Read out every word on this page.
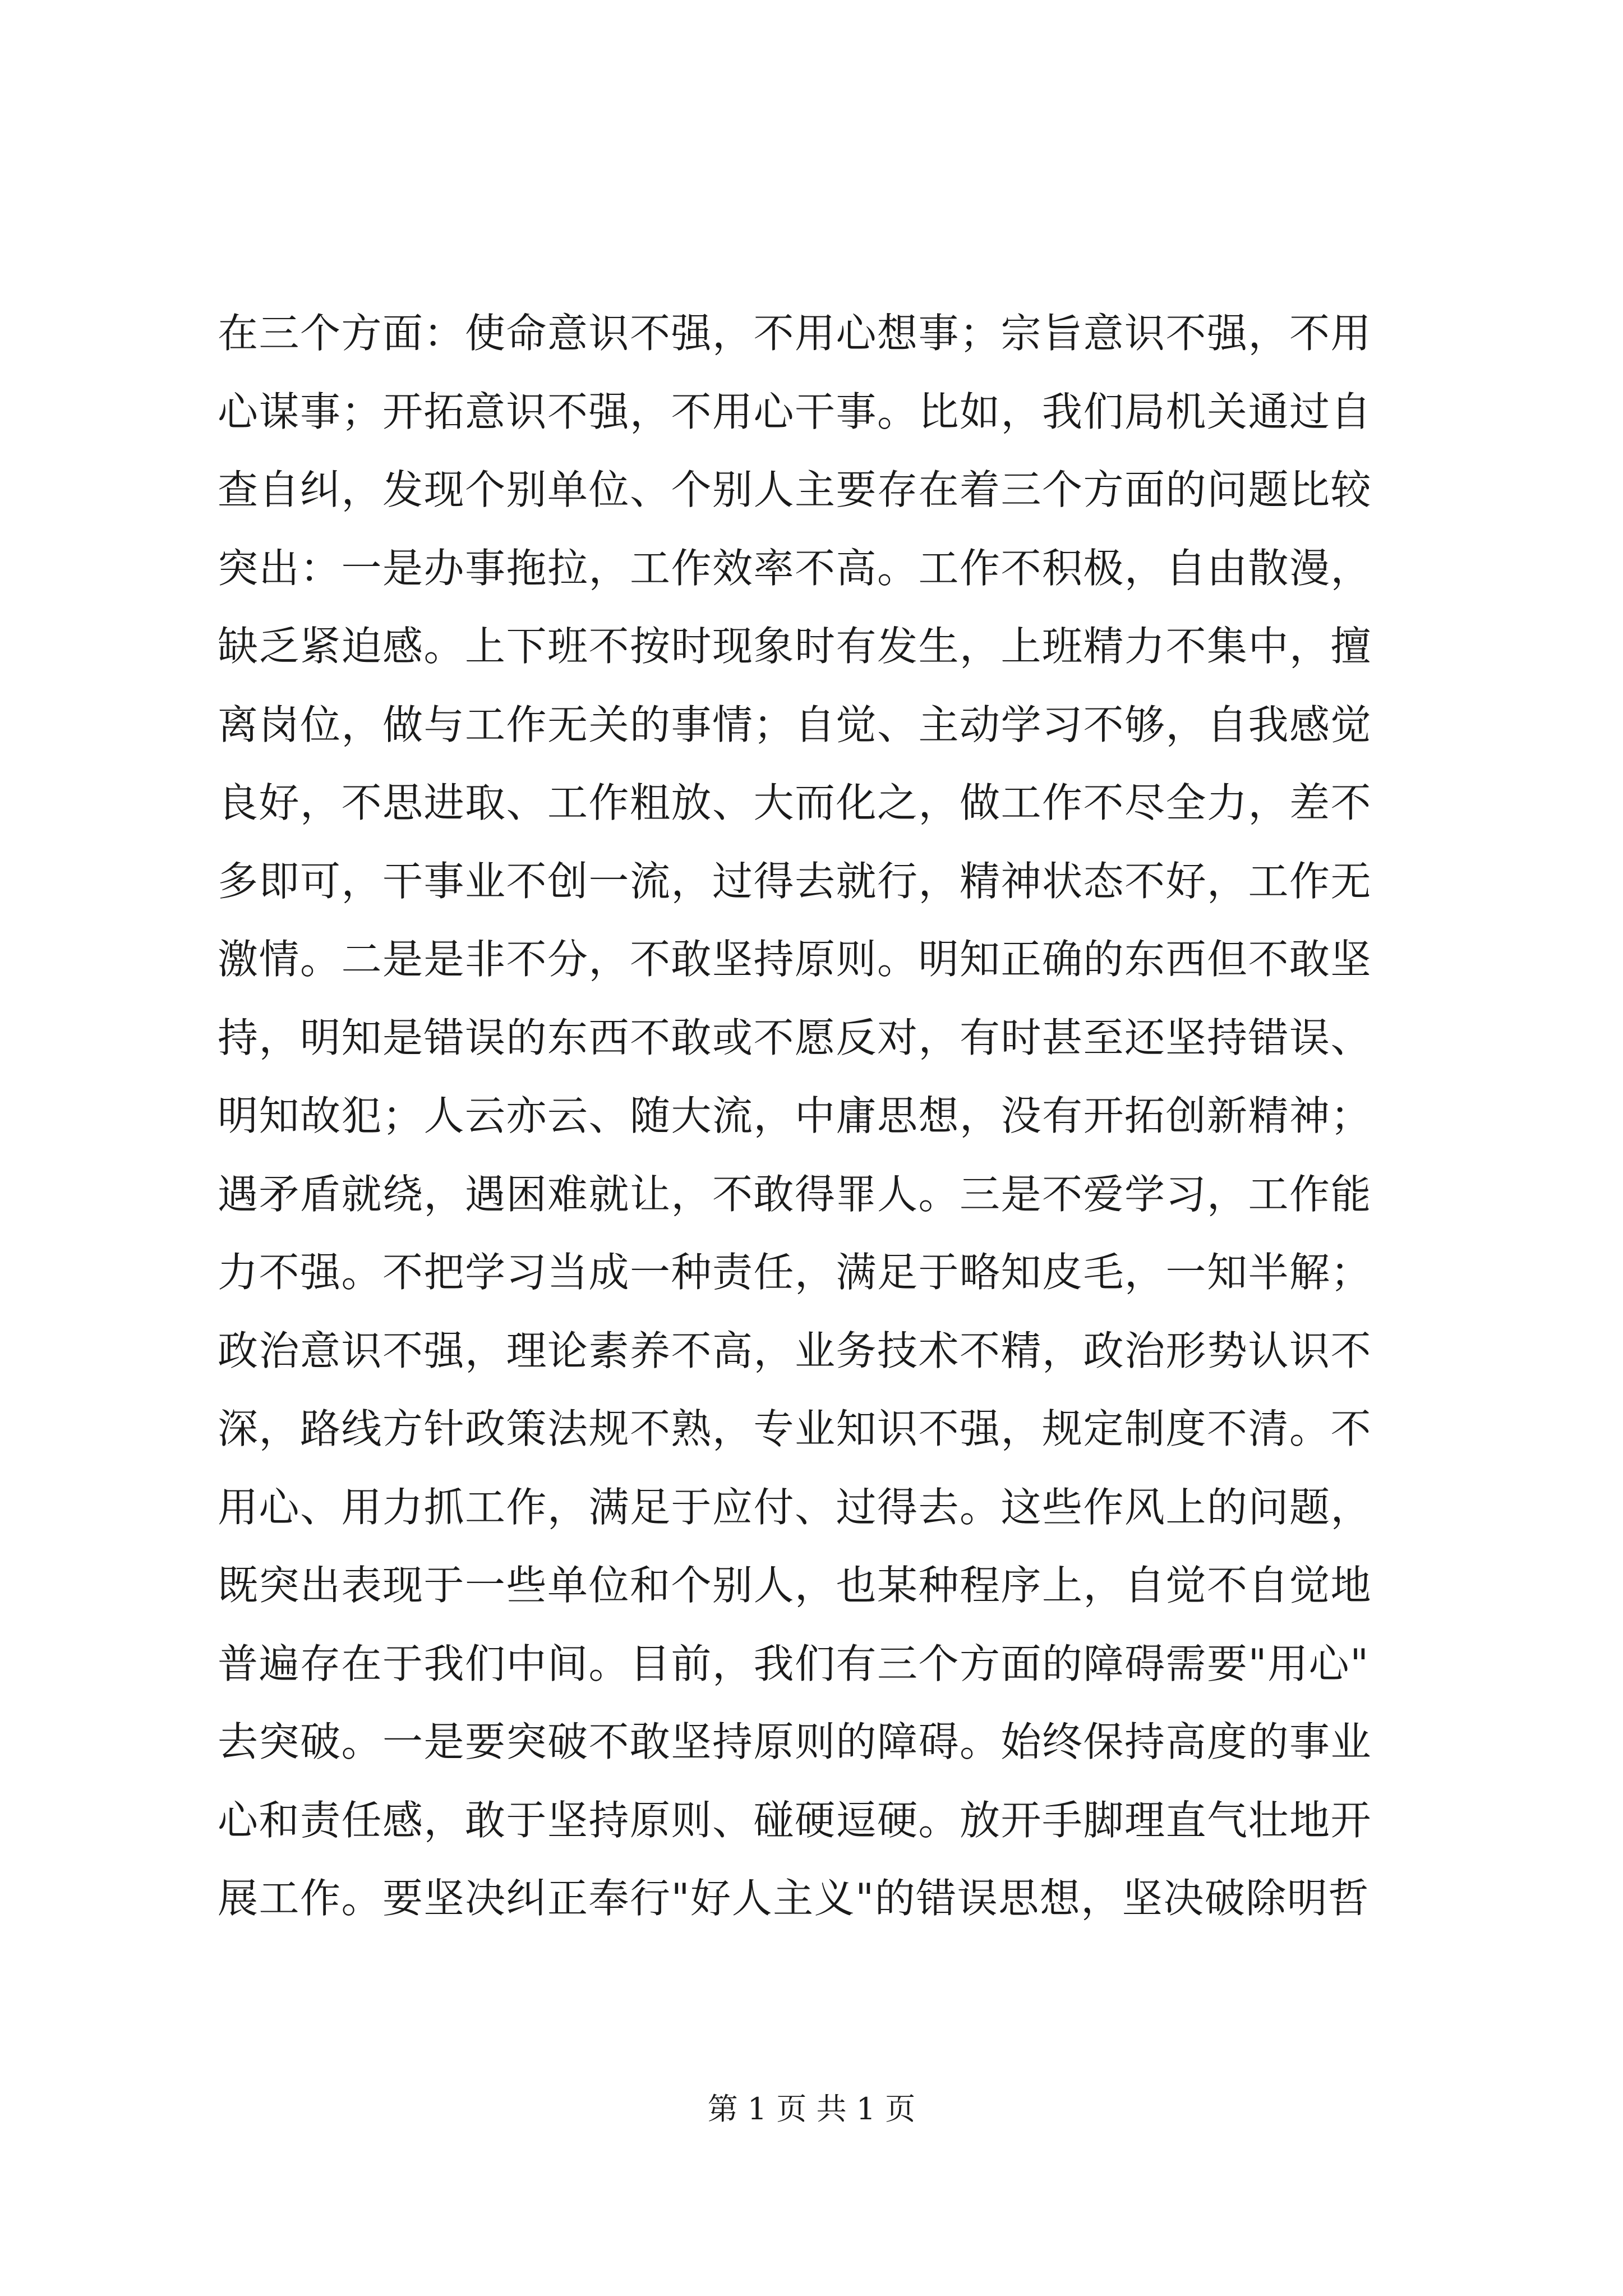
在三个方面：使命意识不强，不用心想事；宗旨意识不强，不用
心谋事；开拓意识不强，不用心干事。比如，我们局机关通过自
查自纠，发现个别单位、个别人主要存在着三个方面的问题比较
突出：一是办事拖拉，工作效率不高。工作不积极，自由散漫，
缺乏紧迫感。上下班不按时现象时有发生，上班精力不集中，擅
离岗位，做与工作无关的事情；自觉、主动学习不够，自我感觉
良好，不思进取、工作粗放、大而化之，做工作不尽全力，差不
多即可，干事业不创一流，过得去就行，精神状态不好，工作无
激情。二是是非不分，不敢坚持原则。明知正确的东西但不敢坚
持，明知是错误的东西不敢或不愿反对，有时甚至还坚持错误、
明知故犯；人云亦云、随大流，中庸思想，没有开拓创新精神；
遇矛盾就绕，遇困难就让，不敢得罪人。三是不爱学习，工作能
力不强。不把学习当成一种责任，满足于略知皮毛，一知半解；
政治意识不强，理论素养不高，业务技术不精，政治形势认识不
深，路线方针政策法规不熟，专业知识不强，规定制度不清。不
用心、用力抓工作，满足于应付、过得去。这些作风上的问题，
既突出表现于一些单位和个别人，也某种程序上，自觉不自觉地
普遍存在于我们中间。目前，我们有三个方面的障碍需要"用心"
去突破。一是要突破不敢坚持原则的障碍。始终保持高度的事业
心和责任感，敢于坚持原则、碰硬逗硬。放开手脚理直气壮地开
展工作。要坚决纠正奉行"好人主义"的错误思想，坚决破除明哲
第 1 页 共 1 页
